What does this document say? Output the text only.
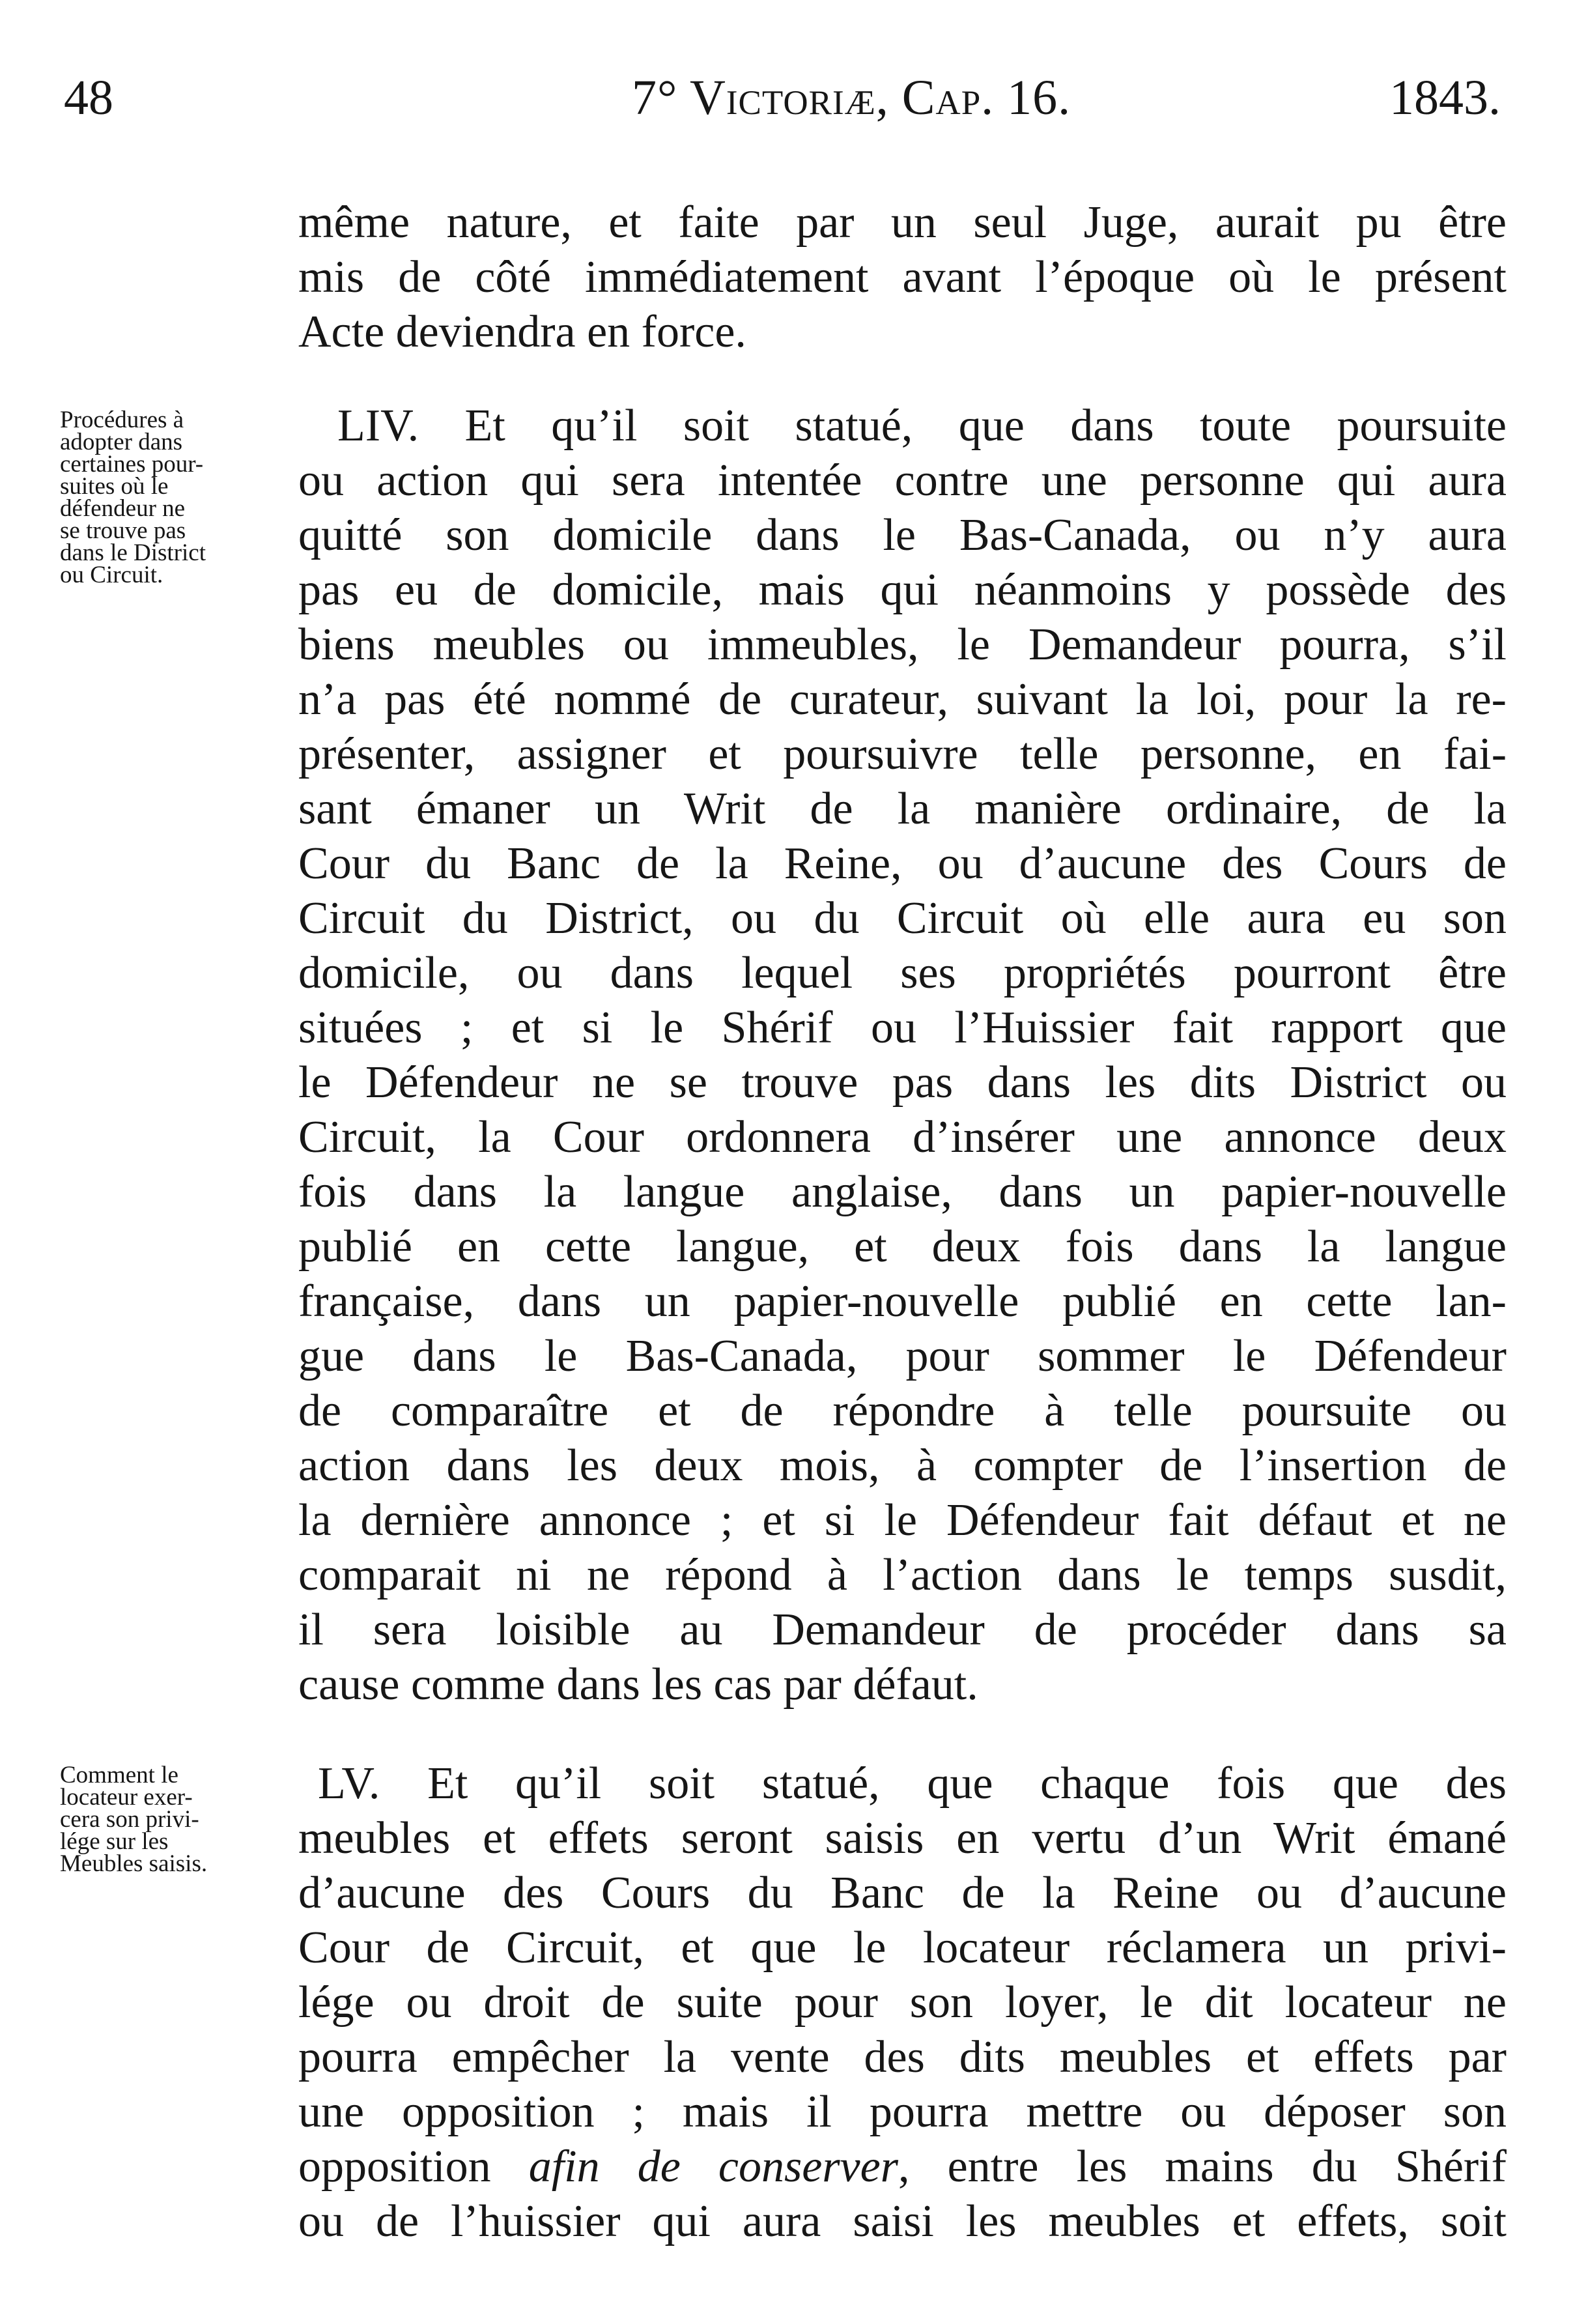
48	7° Victoriæ, Cap. 16.	1843.
même nature, et faite par un seul Juge, aurait pu être
mis de côté immédiatement avant l’époque où le présent
Acte deviendra en force.
Procédures à
adopter dans
certaines pour-
suites où le
défendeur ne
se trouve pas
dans le District
ou Circuit.
LIV. Et qu’il soit statué, que dans toute poursuite
ou action qui sera intentée contre une personne qui aura
quitté son domicile dans le Bas-Canada, ou n’y aura
pas eu de domicile, mais qui néanmoins y possède des
biens meubles ou immeubles, le Demandeur pourra, s’il
n’a pas été nommé de curateur, suivant la loi, pour la re-
présenter, assigner et poursuivre telle personne, en fai-
sant émaner un Writ de la manière ordinaire, de la
Cour du Banc de la Reine, ou d’aucune des Cours de
Circuit du District, ou du Circuit où elle aura eu son
domicile, ou dans lequel ses propriétés pourront être
situées ; et si le Shérif ou l’Huissier fait rapport que
le Défendeur ne se trouve pas dans les dits District ou
Circuit, la Cour ordonnera d’insérer une annonce deux
fois dans la langue anglaise, dans un papier-nouvelle
publié en cette langue, et deux fois dans la langue
française, dans un papier-nouvelle publié en cette lan-
gue dans le Bas-Canada, pour sommer le Défendeur
de comparaître et de répondre à telle poursuite ou
action dans les deux mois, à compter de l’insertion de
la dernière annonce ; et si le Défendeur fait défaut et ne
comparait ni ne répond à l’action dans le temps susdit,
il sera loisible au Demandeur de procéder dans sa
cause comme dans les cas par défaut.
Comment le
locateur exer-
cera son privi-
lége sur les
Meubles saisis.
LV. Et qu’il soit statué, que chaque fois que des
meubles et effets seront saisis en vertu d’un Writ émané
d’aucune des Cours du Banc de la Reine ou d’aucune
Cour de Circuit, et que le locateur réclamera un privi-
lége ou droit de suite pour son loyer, le dit locateur ne
pourra empêcher la vente des dits meubles et effets par
une opposition ; mais il pourra mettre ou déposer son
opposition afin de conserver, entre les mains du Shérif
ou de l’huissier qui aura saisi les meubles et effets, soit
